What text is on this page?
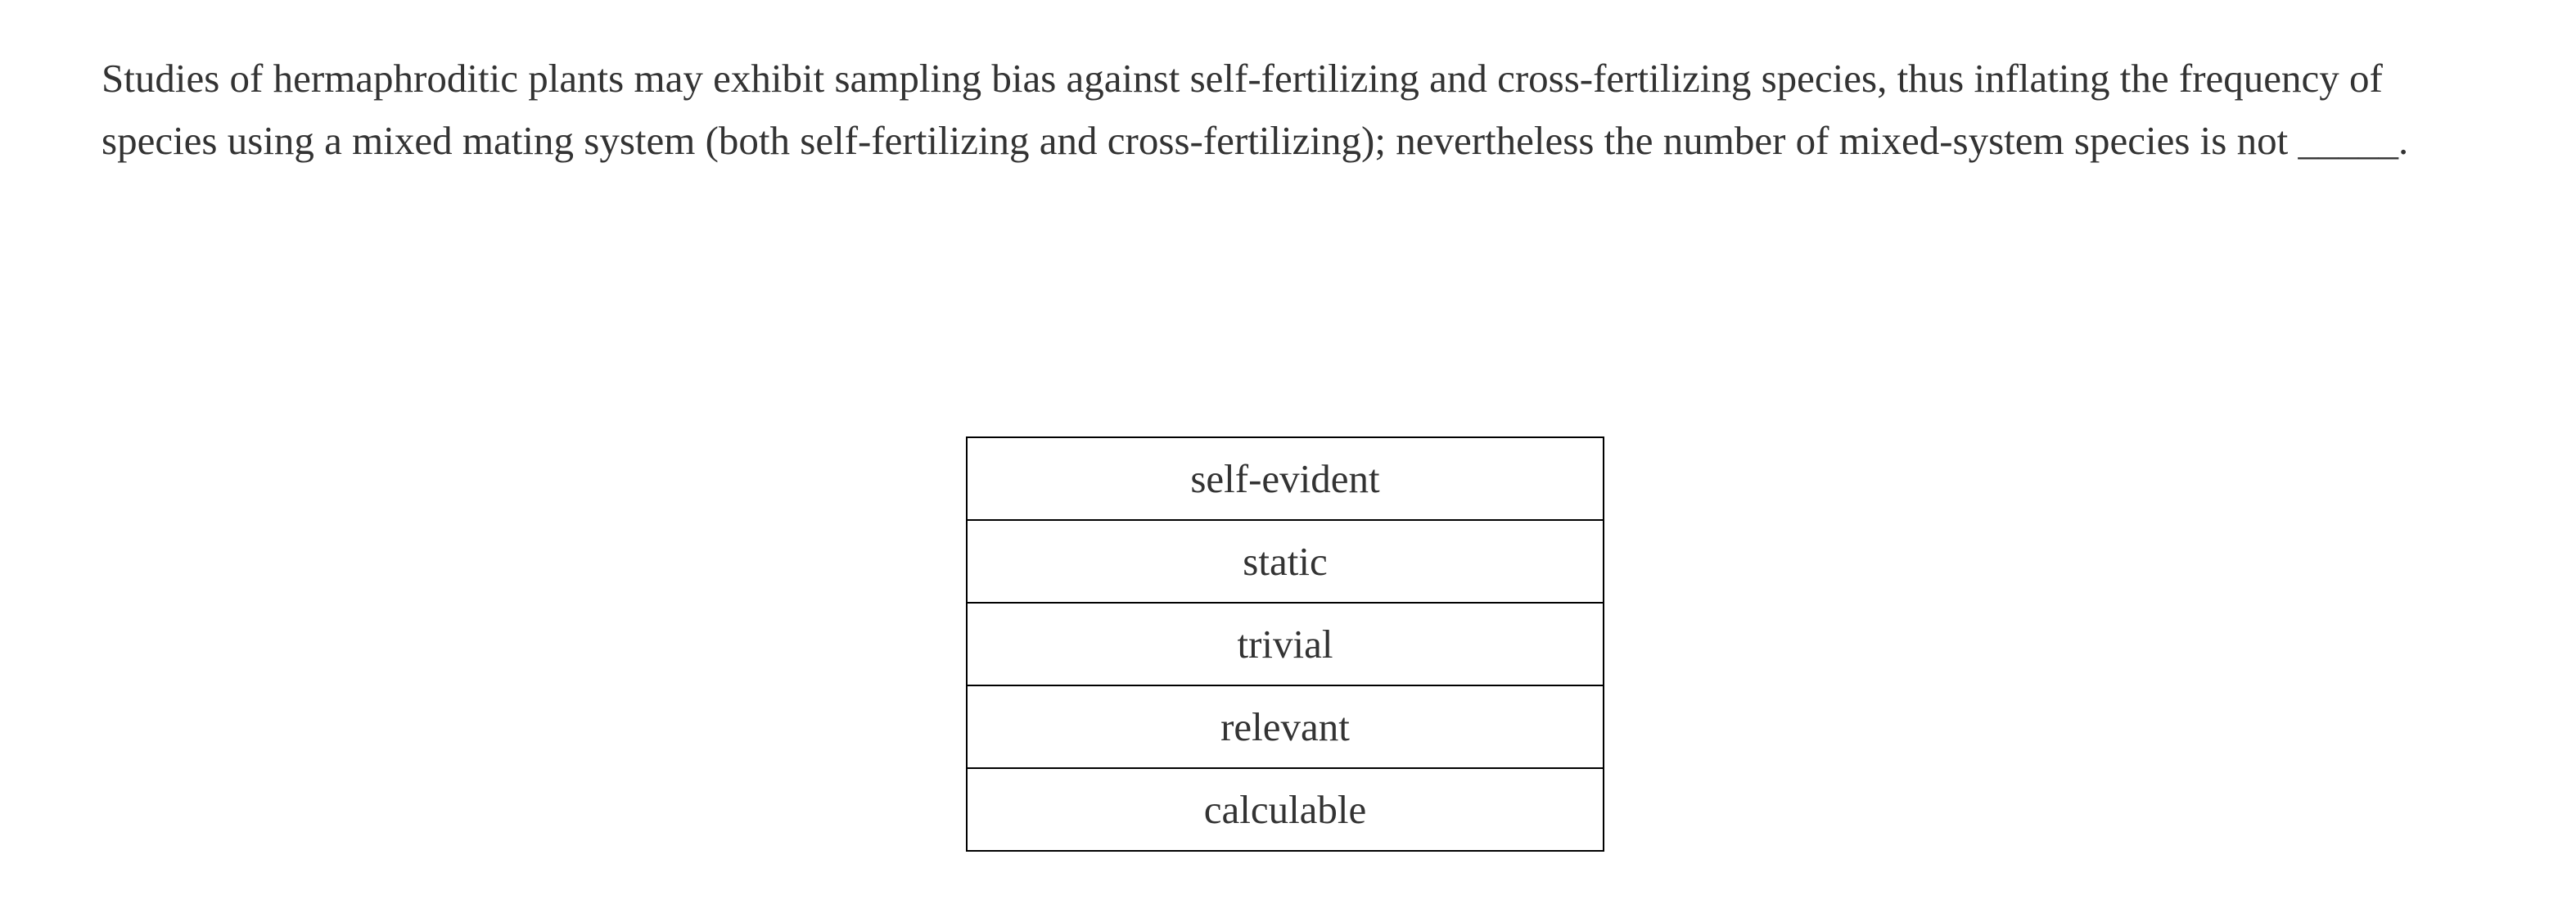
Studies of hermaphroditic plants may exhibit sampling bias against self-fertilizing and cross-fertilizing species, thus inflating the frequency of species using a mixed mating system (both self-fertilizing and cross-fertilizing); nevertheless the number of mixed-system species is not _____.

self-evident
static
trivial
relevant
calculable
